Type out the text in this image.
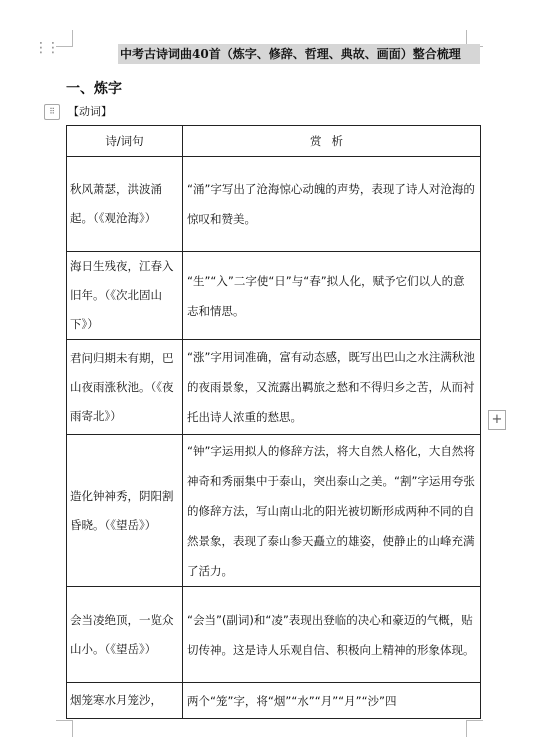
⋮⋮	中考古诗词曲40首（炼字、修辞、哲理、典故、画面）整合梳理
一、炼字
⠿	【动词】
+
诗/词句	赏析
秋风萧瑟，洪波涌起。（《观沧海》）	“涌”字写出了沧海惊心动魄的声势，表现了诗人对沧海的惊叹和赞美。
海日生残夜，江春入旧年。（《次北固山下》）	“生”“入”二字使“日”与“春”拟人化，赋予它们以人的意志和情思。
君问归期未有期，巴山夜雨涨秋池。（《夜雨寄北》）	“涨”字用词准确，富有动态感，既写出巴山之水注满秋池的夜雨景象，又流露出羁旅之愁和不得归乡之苦，从而衬托出诗人浓重的愁思。
造化钟神秀，阴阳割昏晓。（《望岳》）	“钟”字运用拟人的修辞方法，将大自然人格化，大自然将神奇和秀丽集中于泰山，突出泰山之美。“割”字运用夸张的修辞方法，写山南山北的阳光被切断形成两种不同的自然景象，表现了泰山参天矗立的雄姿，使静止的山峰充满了活力。
会当凌绝顶，一览众山小。（《望岳》）	“会当”(副词)和“凌”表现出登临的决心和豪迈的气概，贴切传神。这是诗人乐观自信、积极向上精神的形象体现。
烟笼寒水月笼沙，	两个“笼”字，将“烟”“水”“月”“月”“沙”四
